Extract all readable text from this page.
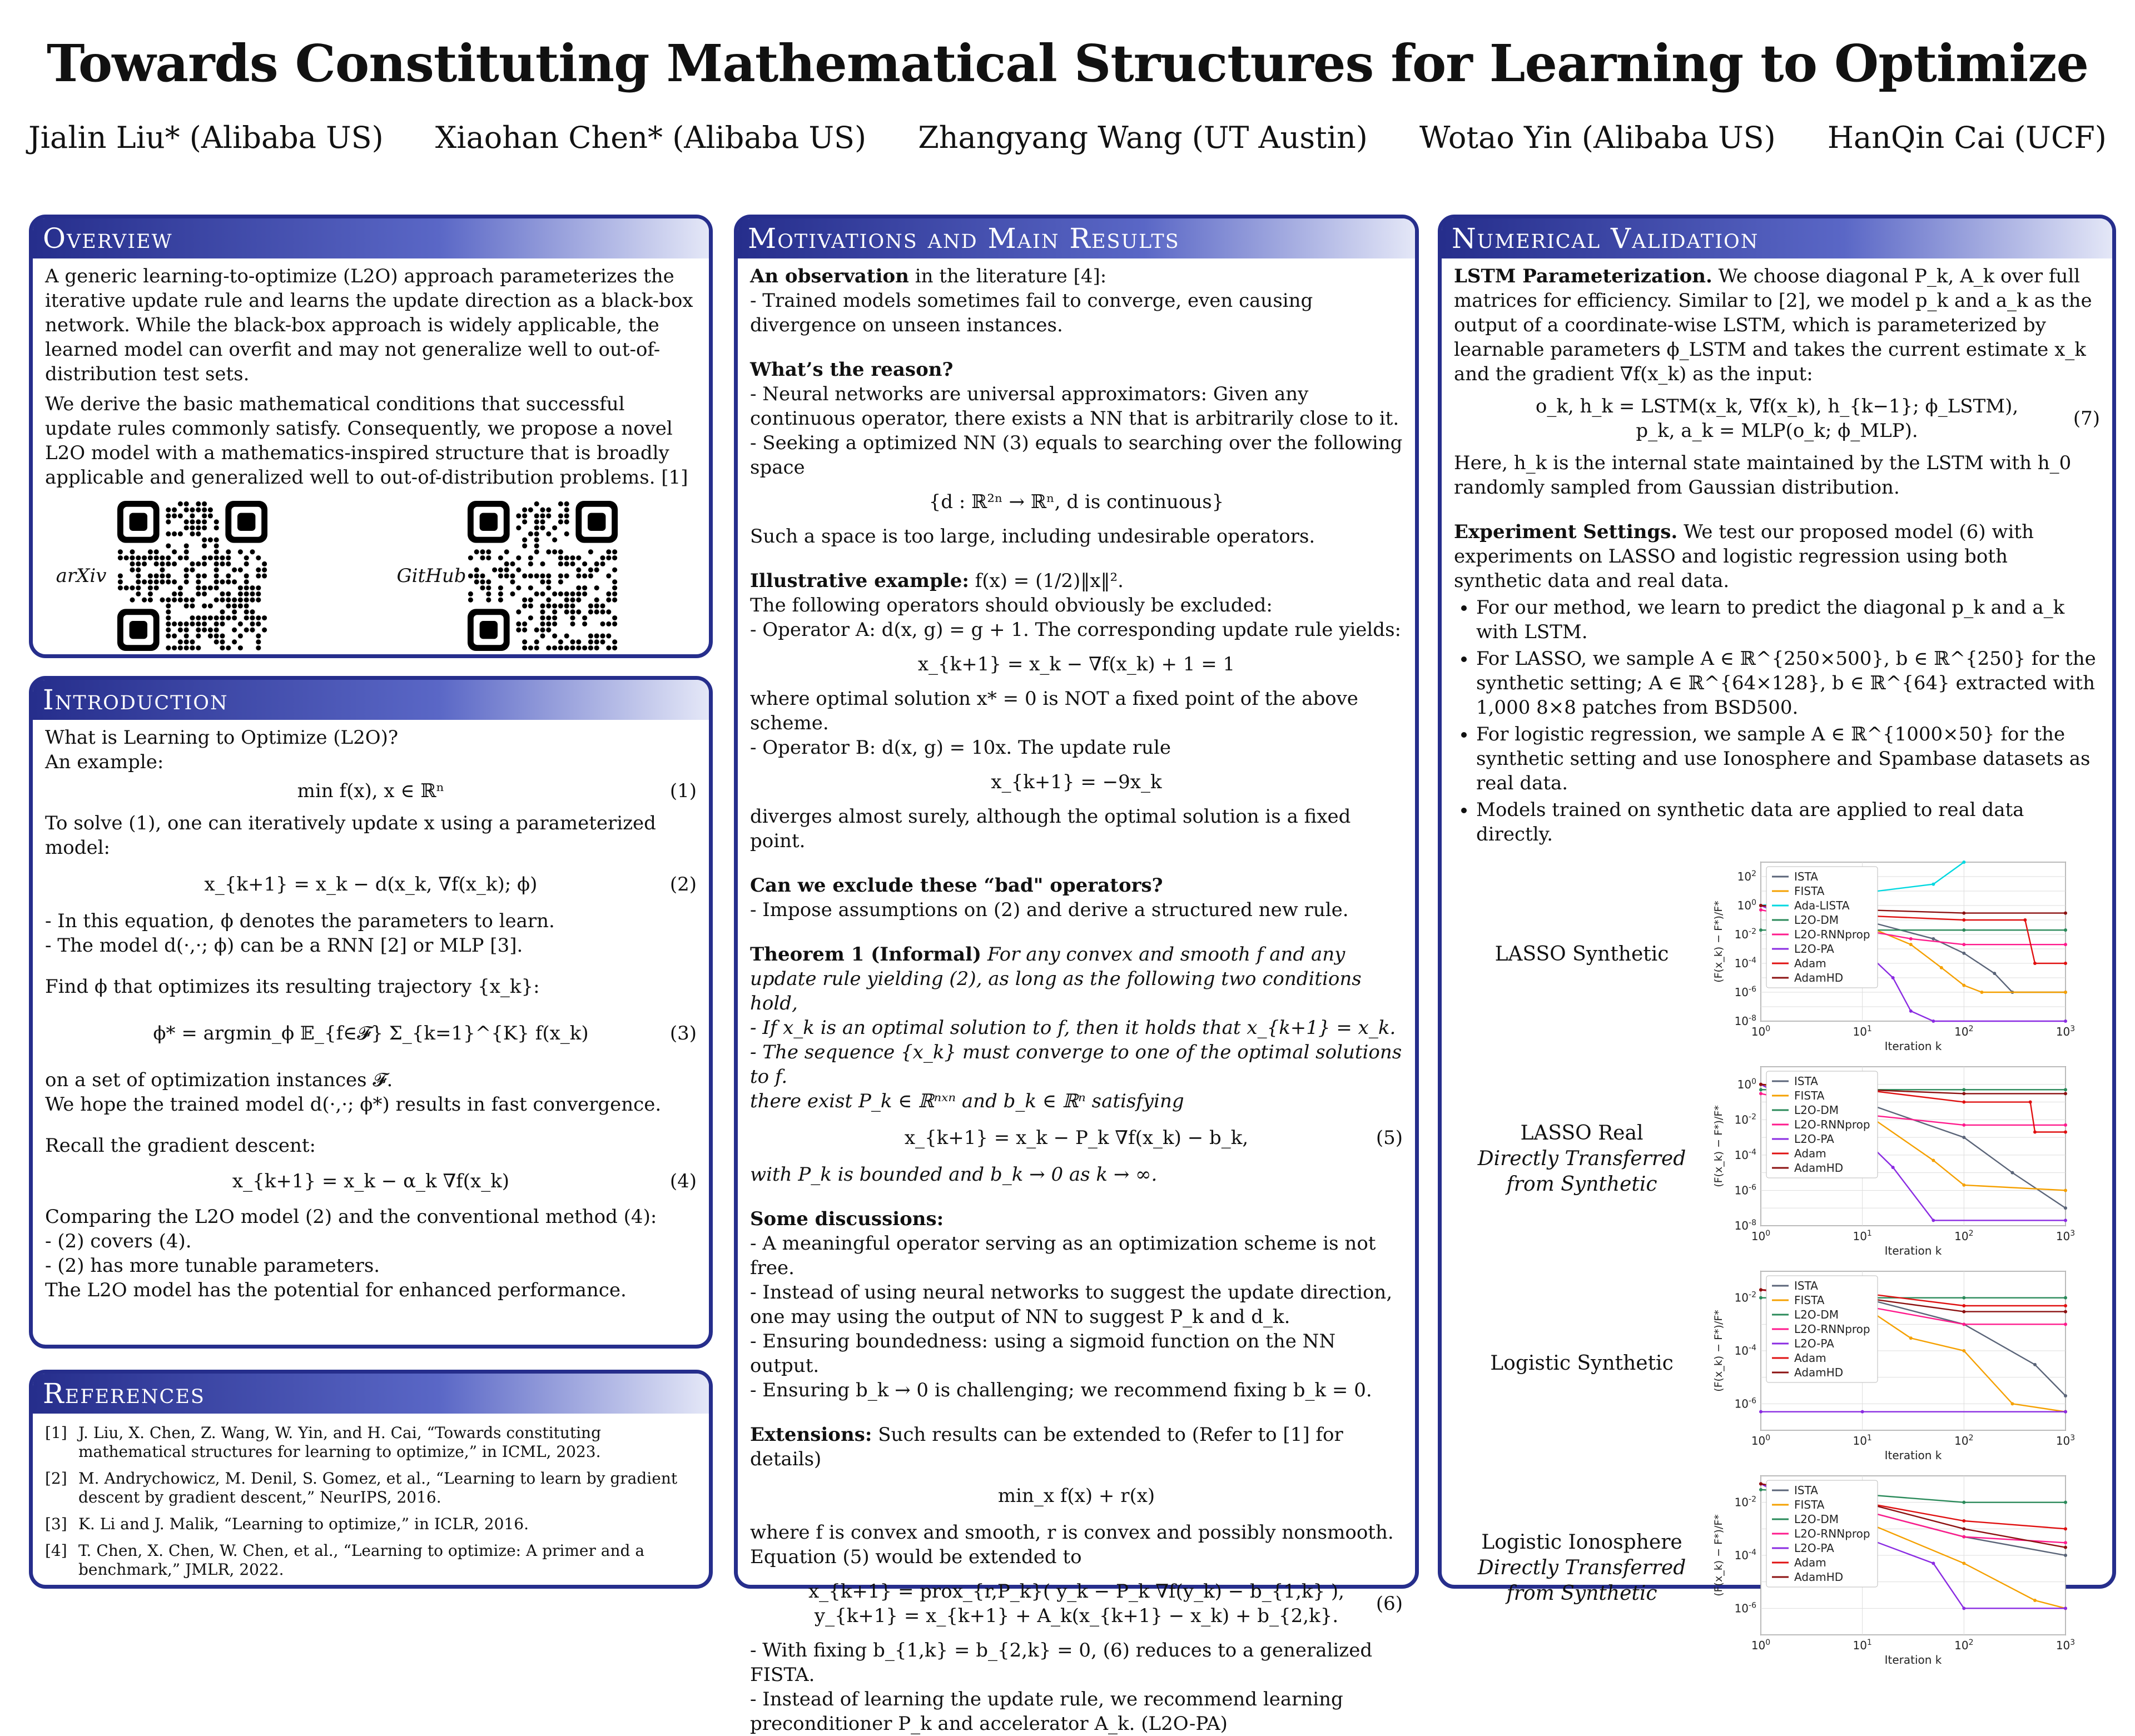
Towards Constituting Mathematical Structures for Learning to Optimize
Jialin Liu* (Alibaba US) Xiaohan Chen* (Alibaba US) Zhangyang Wang (UT Austin) Wotao Yin (Alibaba US) HanQin Cai (UCF)
Overview

A generic learning-to-optimize (L2O) approach parameterizes the iterative update rule and learns the update direction as a black-box network. While the black-box approach is widely applicable, the learned model can overfit and may not generalize well to out-of-distribution test sets.

We derive the basic mathematical conditions that successful update rules commonly satisfy. Consequently, we propose a novel L2O model with a mathematics-inspired structure that is broadly applicable and generalized well to out-of-distribution problems. [1]

arXiv	GitHub
Introduction
What is Learning to Optimize (L2O)?
An example:
min f(x), x ∈ ℝⁿ	(1)
To solve (1), one can iteratively update x using a parameterized model:
x_{k+1} = x_k − d(x_k, ∇f(x_k); ϕ)	(2)
- In this equation, ϕ denotes the parameters to learn.
- The model d(·,·; ϕ) can be a RNN [2] or MLP [3].
Find ϕ that optimizes its resulting trajectory {x_k}:
ϕ* = argmin_ϕ 𝔼_{f∈𝓕} Σ_{k=1}^{K} f(x_k)	(3)
on a set of optimization instances 𝓕.
We hope the trained model d(·,·; ϕ*) results in fast convergence.
Recall the gradient descent:
x_{k+1} = x_k − α_k ∇f(x_k)	(4)
Comparing the L2O model (2) and the conventional method (4):
- (2) covers (4).
- (2) has more tunable parameters.
The L2O model has the potential for enhanced performance.
References
[1] J. Liu, X. Chen, Z. Wang, W. Yin, and H. Cai, “Towards constituting mathematical structures for learning to optimize,” in ICML, 2023.
[2] M. Andrychowicz, M. Denil, S. Gomez, et al., “Learning to learn by gradient descent by gradient descent,” NeurIPS, 2016.
[3] K. Li and J. Malik, “Learning to optimize,” in ICLR, 2016.
[4] T. Chen, X. Chen, W. Chen, et al., “Learning to optimize: A primer and a benchmark,” JMLR, 2022.
Motivations and Main Results
An observation in the literature [4]:
- Trained models sometimes fail to converge, even causing divergence on unseen instances.
What’s the reason?
- Neural networks are universal approximators: Given any continuous operator, there exists a NN that is arbitrarily close to it.
- Seeking a optimized NN (3) equals to searching over the following space
{d : ℝ²ⁿ → ℝⁿ, d is continuous}
Such a space is too large, including undesirable operators.
Illustrative example: f(x) = (1/2)‖x‖².
The following operators should obviously be excluded:
- Operator A: d(x, g) = g + 1. The corresponding update rule yields:
x_{k+1} = x_k − ∇f(x_k) + 1 = 1
where optimal solution x* = 0 is NOT a fixed point of the above scheme.
- Operator B: d(x, g) = 10x. The update rule
x_{k+1} = −9x_k
diverges almost surely, although the optimal solution is a fixed point.
Can we exclude these “bad" operators?
- Impose assumptions on (2) and derive a structured new rule.
Theorem 1 (Informal) For any convex and smooth f and any update rule yielding (2), as long as the following two conditions hold,
- If x_k is an optimal solution to f, then it holds that x_{k+1} = x_k.
- The sequence {x_k} must converge to one of the optimal solutions to f.
there exist P_k ∈ ℝⁿˣⁿ and b_k ∈ ℝⁿ satisfying
x_{k+1} = x_k − P_k ∇f(x_k) − b_k,	(5)
with P_k is bounded and b_k → 0 as k → ∞.
Some discussions:
- A meaningful operator serving as an optimization scheme is not free.
- Instead of using neural networks to suggest the update direction, one may using the output of NN to suggest P_k and d_k.
- Ensuring boundedness: using a sigmoid function on the NN output.
- Ensuring b_k → 0 is challenging; we recommend fixing b_k = 0.
Extensions: Such results can be extended to (Refer to [1] for details)
min_x f(x) + r(x)
where f is convex and smooth, r is convex and possibly nonsmooth.
Equation (5) would be extended to
x_{k+1} = prox_{r,P_k}( y_k − P_k ∇f(y_k) − b_{1,k} ),
y_{k+1} = x_{k+1} + A_k(x_{k+1} − x_k) + b_{2,k}.
(6)
- With fixing b_{1,k} = b_{2,k} = 0, (6) reduces to a generalized FISTA.
- Instead of learning the update rule, we recommend learning preconditioner P_k and accelerator A_k. (L2O-PA)
Numerical Validation
LSTM Parameterization. We choose diagonal P_k, A_k over full matrices for efficiency. Similar to [2], we model p_k and a_k as the output of a coordinate-wise LSTM, which is parameterized by learnable parameters ϕ_LSTM and takes the current estimate x_k and the gradient ∇f(x_k) as the input:
o_k, h_k = LSTM(x_k, ∇f(x_k), h_{k−1}; ϕ_LSTM),
p_k, a_k = MLP(o_k; ϕ_MLP).
(7)
Here, h_k is the internal state maintained by the LSTM with h_0 randomly sampled from Gaussian distribution.
Experiment Settings. We test our proposed model (6) with experiments on LASSO and logistic regression using both synthetic data and real data.
• For our method, we learn to predict the diagonal p_k and a_k with LSTM.
• For LASSO, we sample A ∈ ℝ^{250×500}, b ∈ ℝ^{250} for the synthetic setting; A ∈ ℝ^{64×128}, b ∈ ℝ^{64} extracted with 1,000 8×8 patches from BSD500.
• For logistic regression, we sample A ∈ ℝ^{1000×50} for the synthetic setting and use Ionosphere and Spambase datasets as real data.
• Models trained on synthetic data are applied to real data directly.
LASSO Synthetic
$10^0$	$10^1$	$10^2$	$10^3$
$10^2$
$10^0$
$10^{-2}$
$10^{-4}$
$10^{-6}$
$10^{-8}$
Iteration k
(F(x_k) − F*)/F*
ISTA
FISTA
Ada-LISTA
L2O-DM
L2O-RNNprop
L2O-PA
Adam
AdamHD
LASSO Real
Directly Transferred
from Synthetic
$10^0$	$10^1$	$10^2$	$10^3$
$10^0$
$10^{-2}$
$10^{-4}$
$10^{-6}$
$10^{-8}$
Iteration k
(F(x_k) − F*)/F*
ISTA
FISTA
L2O-DM
L2O-RNNprop
L2O-PA
Adam
AdamHD
Logistic Synthetic
$10^0$	$10^1$	$10^2$	$10^3$
$10^{-2}$
$10^{-4}$
$10^{-6}$
Iteration k
(F(x_k) − F*)/F*
ISTA
FISTA
L2O-DM
L2O-RNNprop
L2O-PA
Adam
AdamHD
Logistic Ionosphere
Directly Transferred
from Synthetic
$10^0$	$10^1$	$10^2$	$10^3$
$10^{-2}$
$10^{-4}$
$10^{-6}$
Iteration k
(F(x_k) − F*)/F*
ISTA
FISTA
L2O-DM
L2O-RNNprop
L2O-PA
Adam
AdamHD
